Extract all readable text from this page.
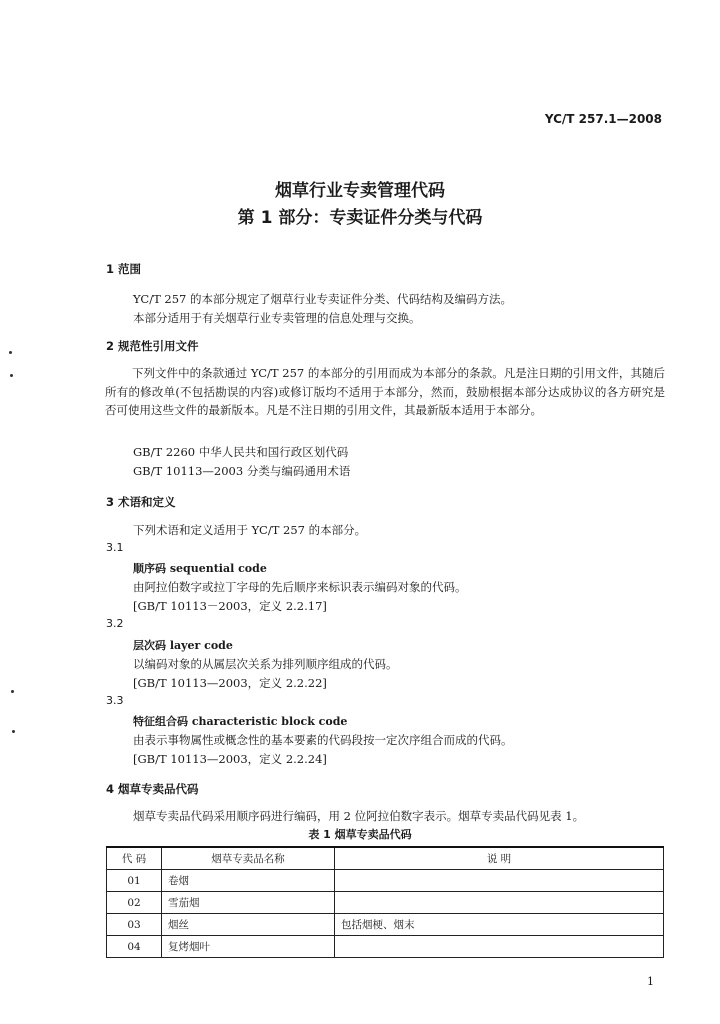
YC/T 257.1—2008
烟草行业专卖管理代码
第 1 部分：专卖证件分类与代码
1 范围
YC/T 257 的本部分规定了烟草行业专卖证件分类、代码结构及编码方法。
本部分适用于有关烟草行业专卖管理的信息处理与交换。
2 规范性引用文件
下列文件中的条款通过 YC/T 257 的本部分的引用而成为本部分的条款。凡是注日期的引用文件，其随后所有的修改单(不包括勘误的内容)或修订版均不适用于本部分，然而，鼓励根据本部分达成协议的各方研究是否可使用这些文件的最新版本。凡是不注日期的引用文件，其最新版本适用于本部分。
GB/T 2260 中华人民共和国行政区划代码
GB/T 10113—2003 分类与编码通用术语
3 术语和定义
下列术语和定义适用于 YC/T 257 的本部分。
3.1
顺序码 sequential code
由阿拉伯数字或拉丁字母的先后顺序来标识表示编码对象的代码。
[GB/T 10113－2003，定义 2.2.17]
3.2
层次码 layer code
以编码对象的从属层次关系为排列顺序组成的代码。
[GB/T 10113—2003，定义 2.2.22]
3.3
特征组合码 characteristic block code
由表示事物属性或概念性的基本要素的代码段按一定次序组合而成的代码。
[GB/T 10113—2003，定义 2.2.24]
4 烟草专卖品代码
烟草专卖品代码采用顺序码进行编码，用 2 位阿拉伯数字表示。烟草专卖品代码见表 1。
表 1 烟草专卖品代码
代 码	烟草专卖品名称	说 明
01	卷烟	
02	雪茄烟	
03	烟丝	包括烟梗、烟末
04	复烤烟叶	
1
